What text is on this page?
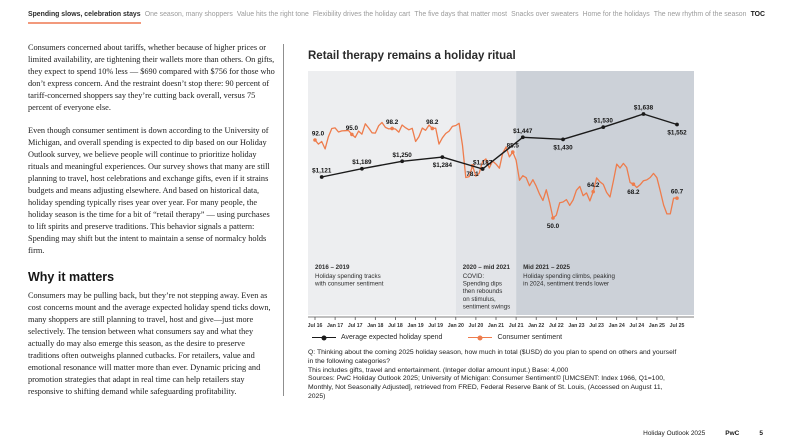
Spending slows, celebration stays One season, many shoppers Value hits the right tone Flexibility drives the holiday cart The five days that matter most Snacks over sweaters Home for the holidays The new rhythm of the season TOC

Consumers concerned about tariffs, whether because of higher prices or limited availability, are tightening their wallets more than others. On gifts, they expect to spend 10% less — $690 compared with $756 for those who don’t express concern. And the restraint doesn’t stop there: 90 percent of tariff-concerned shoppers say they’re cutting back overall, versus 75 percent of everyone else.

Even though consumer sentiment is down according to the University of Michigan, and overall spending is expected to dip based on our Holiday Outlook survey, we believe people will continue to prioritize holiday rituals and meaningful experiences. Our survey shows that many are still planning to travel, host celebrations and exchange gifts, even if it strains budgets and means adjusting elsewhere. And based on historical data, holiday spending typically rises year over year. For many people, the holiday season is the time for a bit of “retail therapy” — using purchases to lift spirits and preserve traditions. This behavior signals a pattern: Spending may shift but the intent to maintain a sense of normalcy holds firm.

Why it matters

Consumers may be pulling back, but they’re not stepping away. Even as cost concerns mount and the average expected holiday spend ticks down, many shoppers are still planning to travel, host and give—just more selectively. The tension between what consumers say and what they actually do may also emerge this season, as the desire to preserve traditions often outweighs planned cutbacks. For retailers, value and emotional resonance will matter more than ever. Dynamic pricing and promotion strategies that adapt in real time can help retailers stay responsive to shifting demand while safeguarding profitability.

Retail therapy remains a holiday ritual
2016 – 2019
Holiday spending tracks
with consumer sentiment
2020 – mid 2021
COVID:
Spending dips
then rebounds
on stimulus,
sentiment swings
Mid 2021 – 2025
Holiday spending climbs, peaking
in 2024, sentiment trends lower
Jul 16 Jan 17 Jul 17 Jan 18 Jul 18 Jan 19 Jul 19 Jan 20 Jul 20 Jan 21 Jul 21 Jan 22 Jul 22 Jan 23 Jul 23 Jan 24 Jul 24 Jan 25 Jul 25
92.0
95.0
98.2	98.2
78.1
85.5
50.0
64.2
68.2	60.7
$1,121
$1,189
$1,250
$1,284	$1,187
$1,447
$1,430
$1,530
$1,638
$1,552
Average expected holiday spend	Consumer sentiment
Q: Thinking about the coming 2025 holiday season, how much in total ($USD) do you plan to spend on others and yourself in the following categories?
This includes gifts, travel and entertainment. (Integer dollar amount input.) Base: 4,000
Sources: PwC Holiday Outlook 2025; University of Michigan: Consumer Sentiment© [UMCSENT: Index 1966, Q1=100, Monthly, Not Seasonally Adjusted], retrieved from FRED, Federal Reserve Bank of St. Louis, (Accessed on August 11, 2025)
Holiday Outlook 2025	PwC	5
